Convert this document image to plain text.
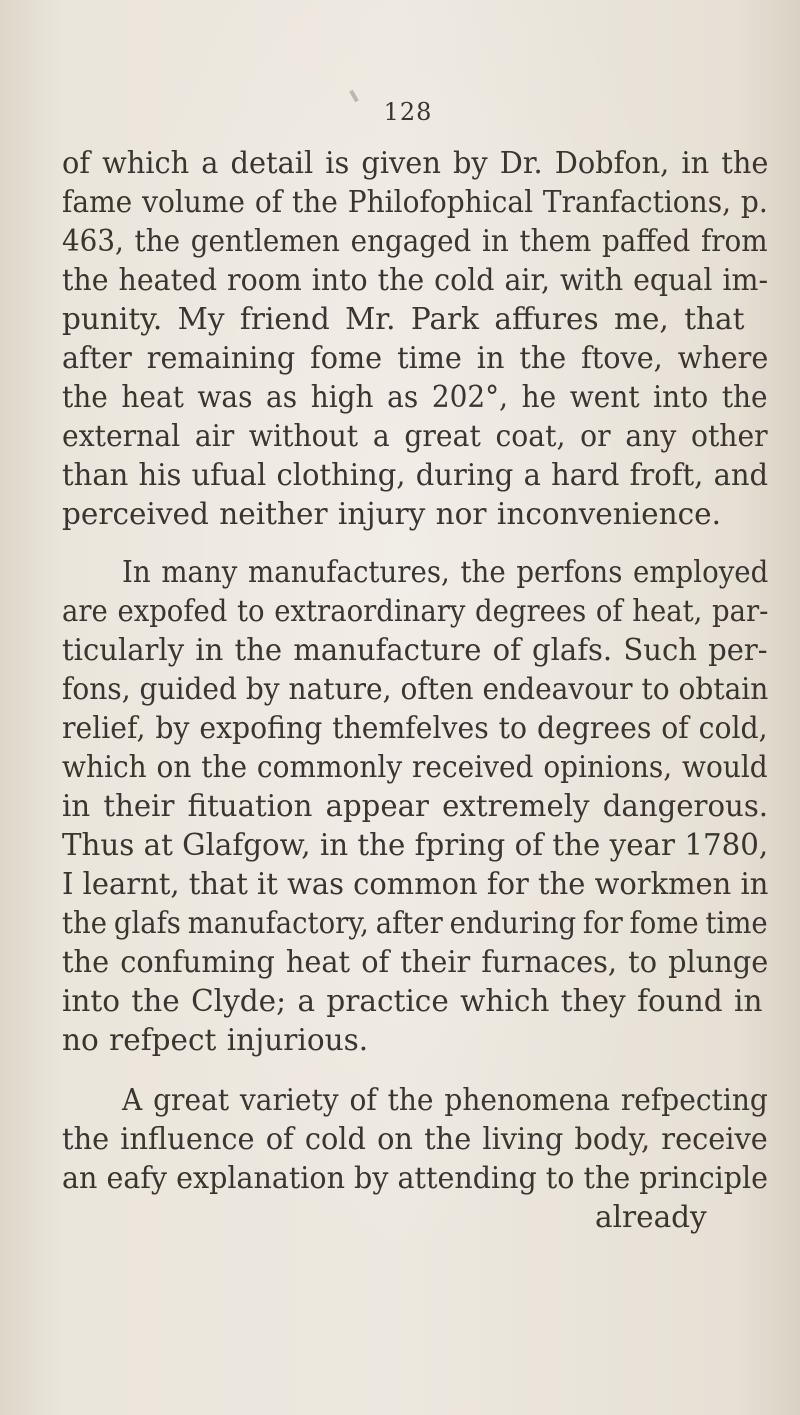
128
of which a detail is given by Dr. Dobfon, in the
fame volume of the Philofophical Tranfactions, p.
463, the gentlemen engaged in them paffed from
the heated room into the cold air, with equal im-
punity. My friend Mr. Park affures me, that
after remaining fome time in the ftove, where
the heat was as high as 202°, he went into the
external air without a great coat, or any other
than his ufual clothing, during a hard froft, and
perceived neither injury nor inconvenience.
In many manufactures, the perfons employed
are expofed to extraordinary degrees of heat, par-
ticularly in the manufacture of glafs. Such per-
fons, guided by nature, often endeavour to obtain
relief, by expofing themfelves to degrees of cold,
which on the commonly received opinions, would
in their fituation appear extremely dangerous.
Thus at Glafgow, in the fpring of the year 1780,
I learnt, that it was common for the workmen in
the glafs manufactory, after enduring for fome time
the confuming heat of their furnaces, to plunge
into the Clyde; a practice which they found in
no refpect injurious.
A great variety of the phenomena refpecting
the influence of cold on the living body, receive
an eafy explanation by attending to the principle
already
